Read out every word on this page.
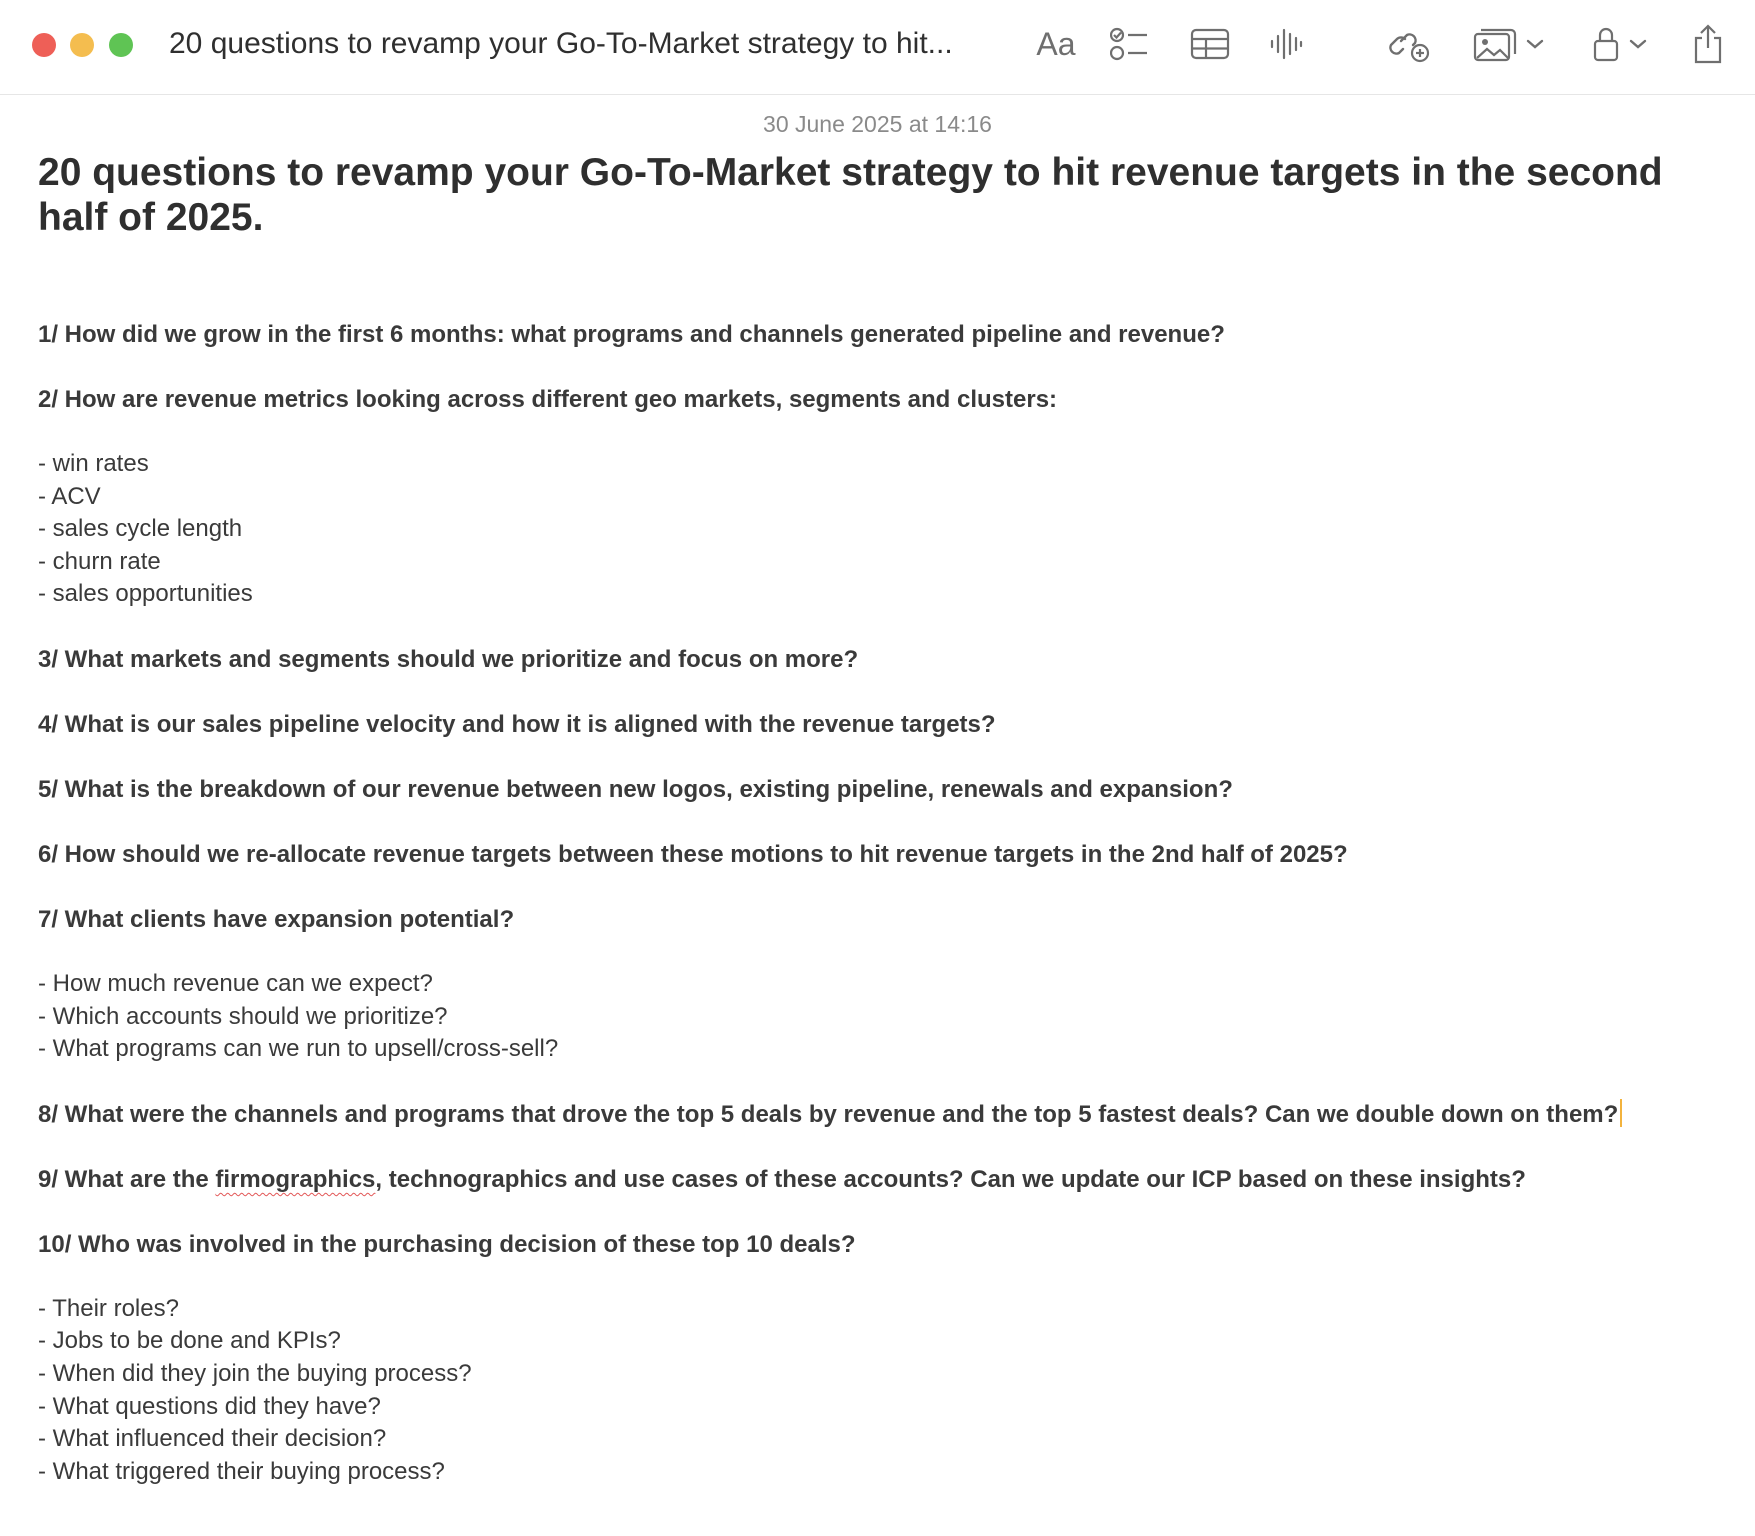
20 questions to revamp your Go-To-Market strategy to hit...	Aa
30 June 2025 at 14:16
20 questions to revamp your Go-To-Market strategy to hit revenue targets in the second half of 2025.

1/ How did we grow in the first 6 months: what programs and channels generated pipeline and revenue?

2/ How are revenue metrics looking across different geo markets, segments and clusters:

- win rates
- ACV
- sales cycle length
- churn rate
- sales opportunities

3/ What markets and segments should we prioritize and focus on more?

4/ What is our sales pipeline velocity and how it is aligned with the revenue targets?

5/ What is the breakdown of our revenue between new logos, existing pipeline, renewals and expansion?

6/ How should we re-allocate revenue targets between these motions to hit revenue targets in the 2nd half of 2025?

7/ What clients have expansion potential?

- How much revenue can we expect?
- Which accounts should we prioritize?
- What programs can we run to upsell/cross-sell?

8/ What were the channels and programs that drove the top 5 deals by revenue and the top 5 fastest deals? Can we double down on them?

9/ What are the firmographics, technographics and use cases of these accounts? Can we update our ICP based on these insights?

10/ Who was involved in the purchasing decision of these top 10 deals?

- Their roles?
- Jobs to be done and KPIs?
- When did they join the buying process?
- What questions did they have?
- What influenced their decision?
- What triggered their buying process?
